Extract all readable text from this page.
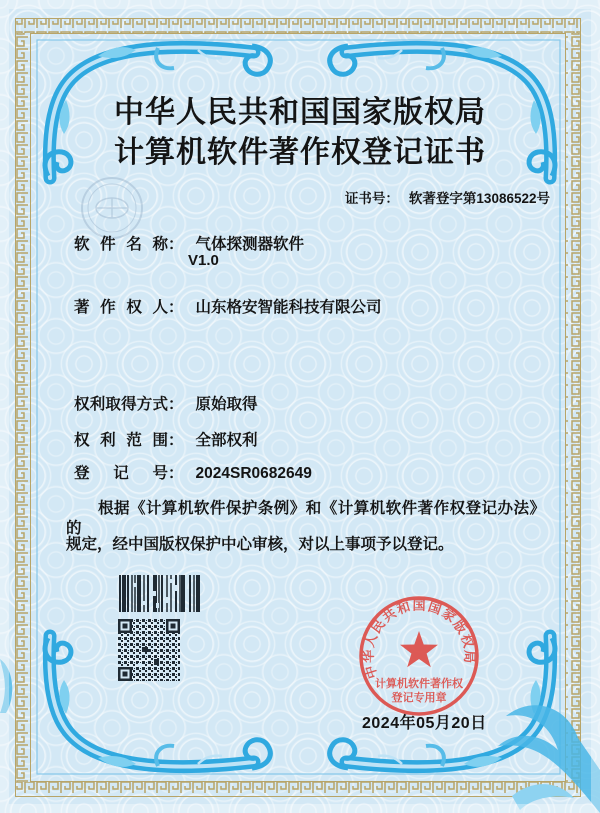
中华人民共和国国家版权局
计算机软件著作权登记证书
证书号： 软著登字第13086522号
软件名称： 气体探测器软件
V1.0
著作权人： 山东格安智能科技有限公司
权利取得方式： 原始取得
权利范围： 全部权利
登记号： 2024SR0682649
根据《计算机软件保护条例》和《计算机软件著作权登记办法》的
规定，经中国版权保护中心审核，对以上事项予以登记。
中华人民共和国国家版权局
计算机软件著作权
登记专用章
2024年05月20日
